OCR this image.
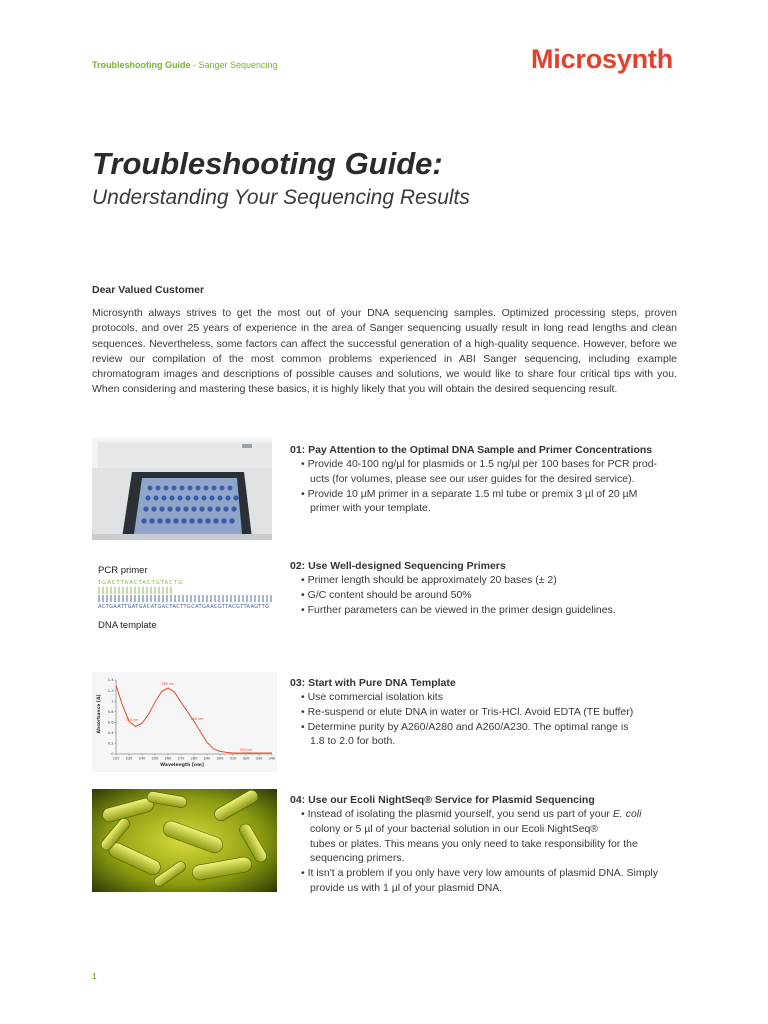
Troubleshooting Guide - Sanger Sequencing	Microsynth
Troubleshooting Guide:
Understanding Your Sequencing Results
Dear Valued Customer

Microsynth always strives to get the most out of your DNA sequencing samples. Optimized processing steps, proven protocols, and over 25 years of experience in the area of Sanger sequencing usually result in long read lengths and clean sequences. Nevertheless, some factors can affect the successful generation of a high-quality sequence. However, before we review our compilation of the most common problems experienced in ABI Sanger sequencing, including example chromatogram images and descriptions of possible causes and solutions, we would like to share four critical tips with you. When considering and mastering these basics, it is highly likely that you will obtain the desired sequencing result.

01: Pay Attention to the Optimal DNA Sample and Primer Concentrations

• Provide 40-100 ng/µl for plasmids or 1.5 ng/µl per 100 bases for PCR prod-
ucts (for volumes, please see our user guides for the desired service).
• Provide 10 µM primer in a separate 1.5 ml tube or premix 3 µl of 20 µM
primer with your template.
PCR primer
TGACTTAACTACTGTACTG
ACTGAATTGATGACATGACTACTTGCATGAACGTTACGTTAAGTTG
DNA template

02: Use Well-designed Sequencing Primers

• Primer length should be approximately 20 bases (± 2)
• G/C content should be around 50%
• Further parameters can be viewed in the primer design guidelines.
220 230 240 250 260 270 280 290 300 310 320 330 340
0
0.2
0.4
0.6
0.8
1
1.2
1.4
260 nm
230 nm	280 nm
320 nm
Wavelength [nm]
Absorbance [A]

03: Start with Pure DNA Template

• Use commercial isolation kits
• Re-suspend or elute DNA in water or Tris-HCl. Avoid EDTA (TE buffer)
• Determine purity by A260/A280 and A260/A230. The optimal range is
1.8 to 2.0 for both.

04: Use our Ecoli NightSeq® Service for Plasmid Sequencing

• Instead of isolating the plasmid yourself, you send us part of your E. coli
colony or 5 µl of your bacterial solution in our Ecoli NightSeq®
tubes or plates. This means you only need to take responsibility for the
sequencing primers.
• It isn't a problem if you only have very low amounts of plasmid DNA. Simply
provide us with 1 µl of your plasmid DNA.
1
